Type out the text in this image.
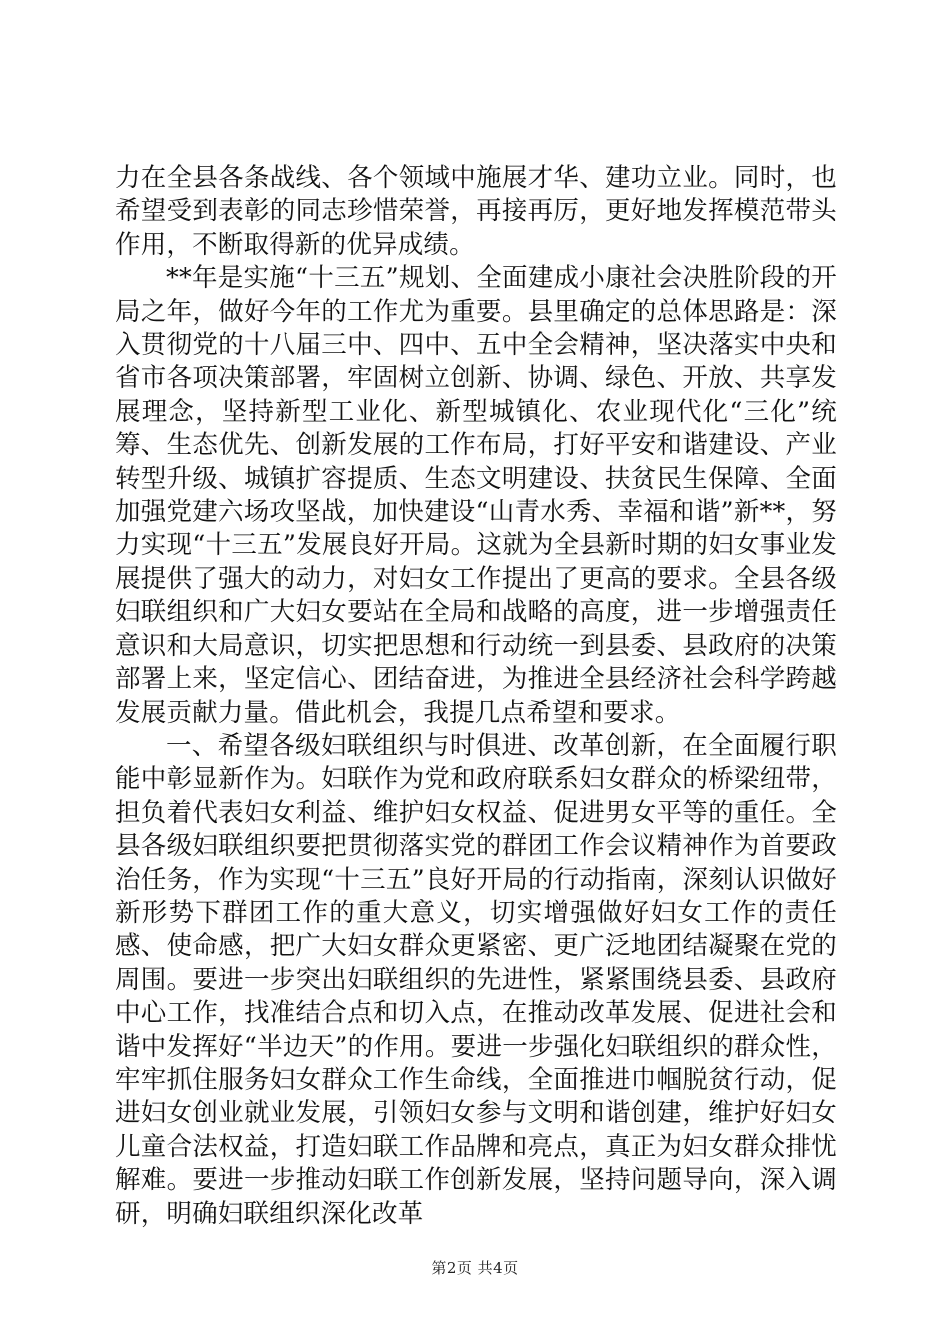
力在全县各条战线、各个领域中施展才华、建功立业。同时，也希望受到表彰的同志珍惜荣誉，再接再厉，更好地发挥模范带头作用，不断取得新的优异成绩。

**年是实施“十三五”规划、全面建成小康社会决胜阶段的开局之年，做好今年的工作尤为重要。县里确定的总体思路是：深入贯彻党的十八届三中、四中、五中全会精神，坚决落实中央和省市各项决策部署，牢固树立创新、协调、绿色、开放、共享发展理念，坚持新型工业化、新型城镇化、农业现代化“三化”统筹、生态优先、创新发展的工作布局，打好平安和谐建设、产业转型升级、城镇扩容提质、生态文明建设、扶贫民生保障、全面加强党建六场攻坚战，加快建设“山青水秀、幸福和谐”新**，努力实现“十三五”发展良好开局。这就为全县新时期的妇女事业发展提供了强大的动力，对妇女工作提出了更高的要求。全县各级妇联组织和广大妇女要站在全局和战略的高度，进一步增强责任意识和大局意识，切实把思想和行动统一到县委、县政府的决策部署上来，坚定信心、团结奋进，为推进全县经济社会科学跨越发展贡献力量。借此机会，我提几点希望和要求。

一、希望各级妇联组织与时俱进、改革创新，在全面履行职能中彰显新作为。妇联作为党和政府联系妇女群众的桥梁纽带，担负着代表妇女利益、维护妇女权益、促进男女平等的重任。全县各级妇联组织要把贯彻落实党的群团工作会议精神作为首要政治任务，作为实现“十三五”良好开局的行动指南，深刻认识做好新形势下群团工作的重大意义，切实增强做好妇女工作的责任感、使命感，把广大妇女群众更紧密、更广泛地团结凝聚在党的周围。要进一步突出妇联组织的先进性，紧紧围绕县委、县政府中心工作，找准结合点和切入点，在推动改革发展、促进社会和谐中发挥好“半边天”的作用。要进一步强化妇联组织的群众性，牢牢抓住服务妇女群众工作生命线，全面推进巾帼脱贫行动，促进妇女创业就业发展，引领妇女参与文明和谐创建，维护好妇女儿童合法权益，打造妇联工作品牌和亮点，真正为妇女群众排忧解难。要进一步推动妇联工作创新发展，坚持问题导向，深入调研，明确妇联组织深化改革

第2页 共4页
